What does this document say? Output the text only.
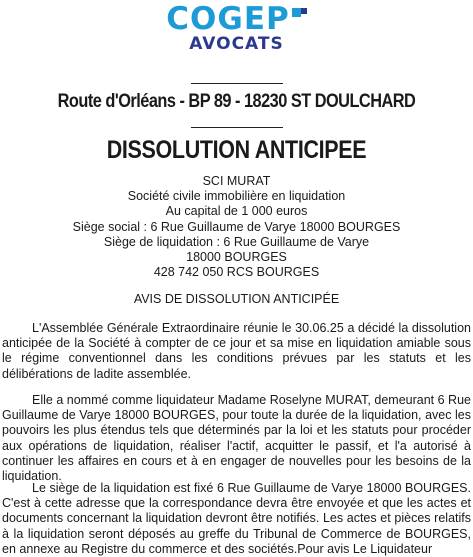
COGEP
AVOCATS
Route d'Orléans - BP 89 - 18230 ST DOULCHARD
DISSOLUTION ANTICIPEE
SCI MURAT
Société civile immobilière en liquidation
Au capital de 1 000 euros
Siège social : 6 Rue Guillaume de Varye 18000 BOURGES
Siège de liquidation : 6 Rue Guillaume de Varye
18000 BOURGES
428 742 050 RCS BOURGES
AVIS DE DISSOLUTION ANTICIPÉE
L'Assemblée Générale Extraordinaire réunie le 30.06.25 a décidé la dissolution anticipée de la Société à compter de ce jour et sa mise en liquidation amiable sous le régime conventionnel dans les conditions prévues par les statuts et les délibérations de ladite assemblée.
Elle a nommé comme liquidateur Madame Roselyne MURAT, demeurant 6 Rue Guillaume de Varye 18000 BOURGES, pour toute la durée de la liquidation, avec les pouvoirs les plus étendus tels que déterminés par la loi et les statuts pour procéder aux opérations de liquidation, réaliser l'actif, acquitter le passif, et l'a autorisé à continuer les affaires en cours et à en engager de nouvelles pour les besoins de la liquidation.
Le siège de la liquidation est fixé 6 Rue Guillaume de Varye 18000 BOURGES. C'est à cette adresse que la correspondance devra être envoyée et que les actes et documents concernant la liquidation devront être notifiés. Les actes et pièces relatifs à la liquidation seront déposés au greffe du Tribunal de Commerce de BOURGES, en annexe au Registre du commerce et des sociétés.Pour avis Le Liquidateur
